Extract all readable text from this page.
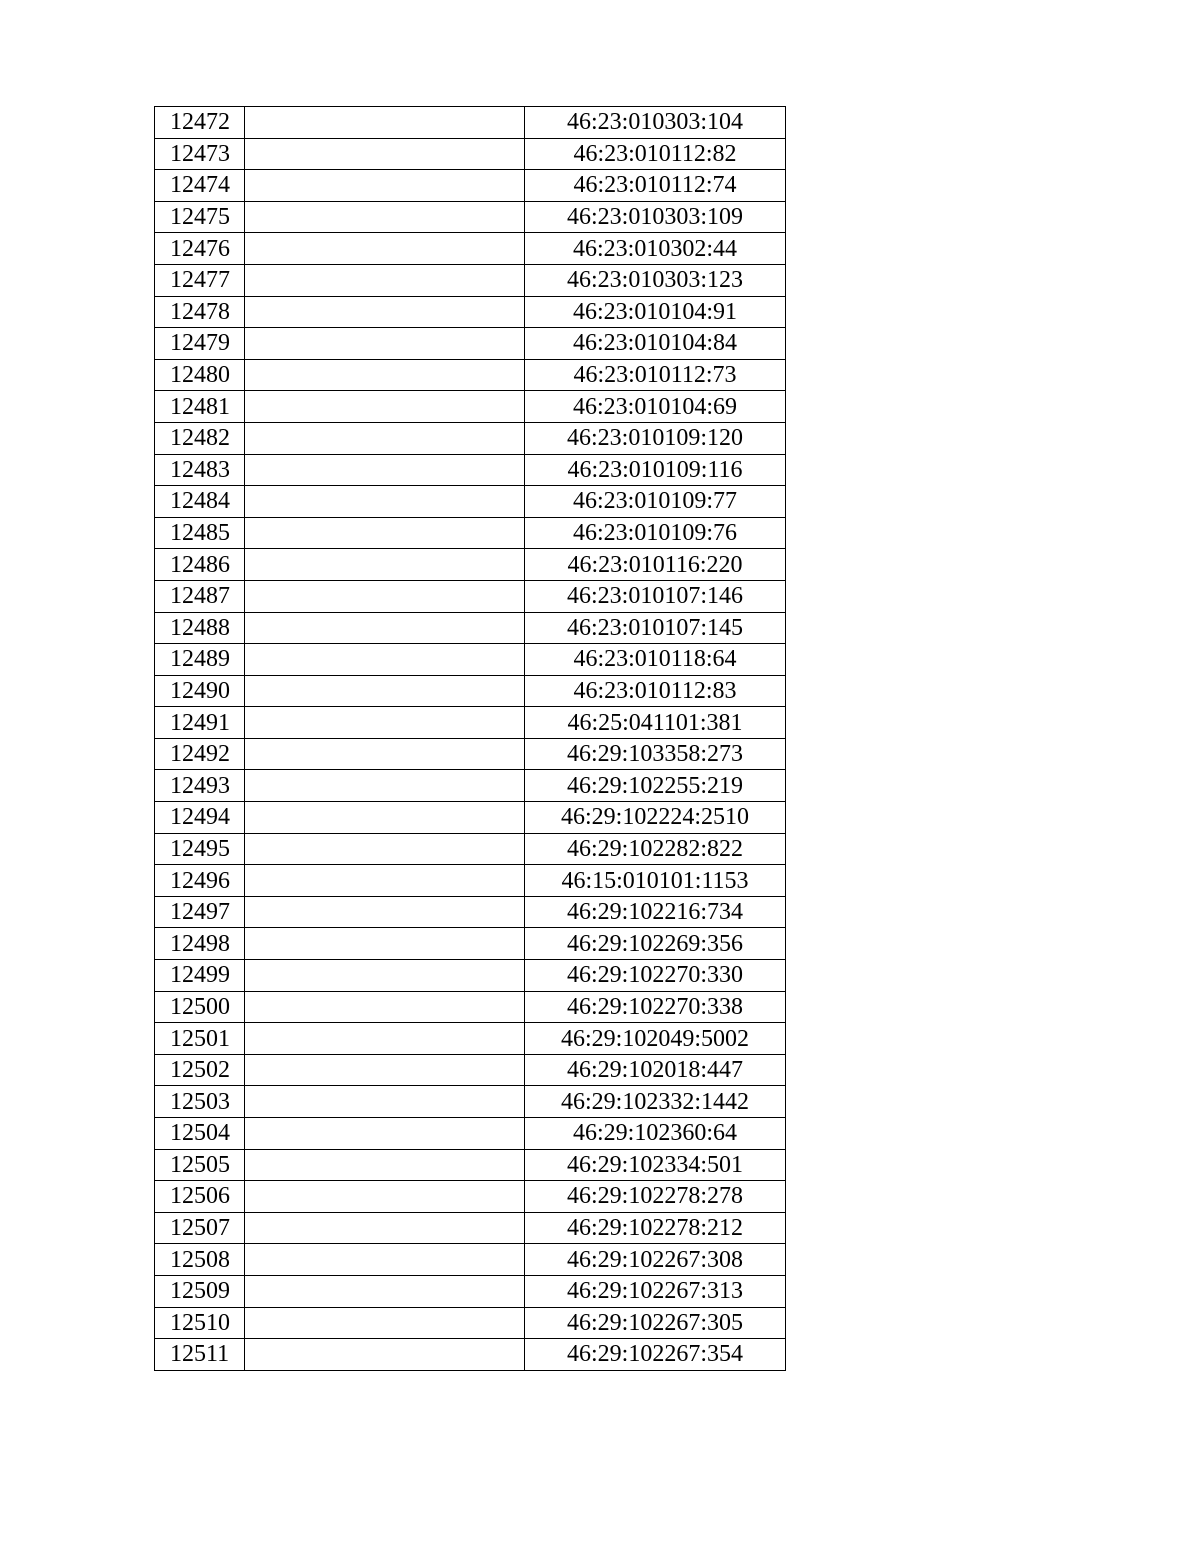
12472		46:23:010303:104
12473		46:23:010112:82
12474		46:23:010112:74
12475		46:23:010303:109
12476		46:23:010302:44
12477		46:23:010303:123
12478		46:23:010104:91
12479		46:23:010104:84
12480		46:23:010112:73
12481		46:23:010104:69
12482		46:23:010109:120
12483		46:23:010109:116
12484		46:23:010109:77
12485		46:23:010109:76
12486		46:23:010116:220
12487		46:23:010107:146
12488		46:23:010107:145
12489		46:23:010118:64
12490		46:23:010112:83
12491		46:25:041101:381
12492		46:29:103358:273
12493		46:29:102255:219
12494		46:29:102224:2510
12495		46:29:102282:822
12496		46:15:010101:1153
12497		46:29:102216:734
12498		46:29:102269:356
12499		46:29:102270:330
12500		46:29:102270:338
12501		46:29:102049:5002
12502		46:29:102018:447
12503		46:29:102332:1442
12504		46:29:102360:64
12505		46:29:102334:501
12506		46:29:102278:278
12507		46:29:102278:212
12508		46:29:102267:308
12509		46:29:102267:313
12510		46:29:102267:305
12511		46:29:102267:354
